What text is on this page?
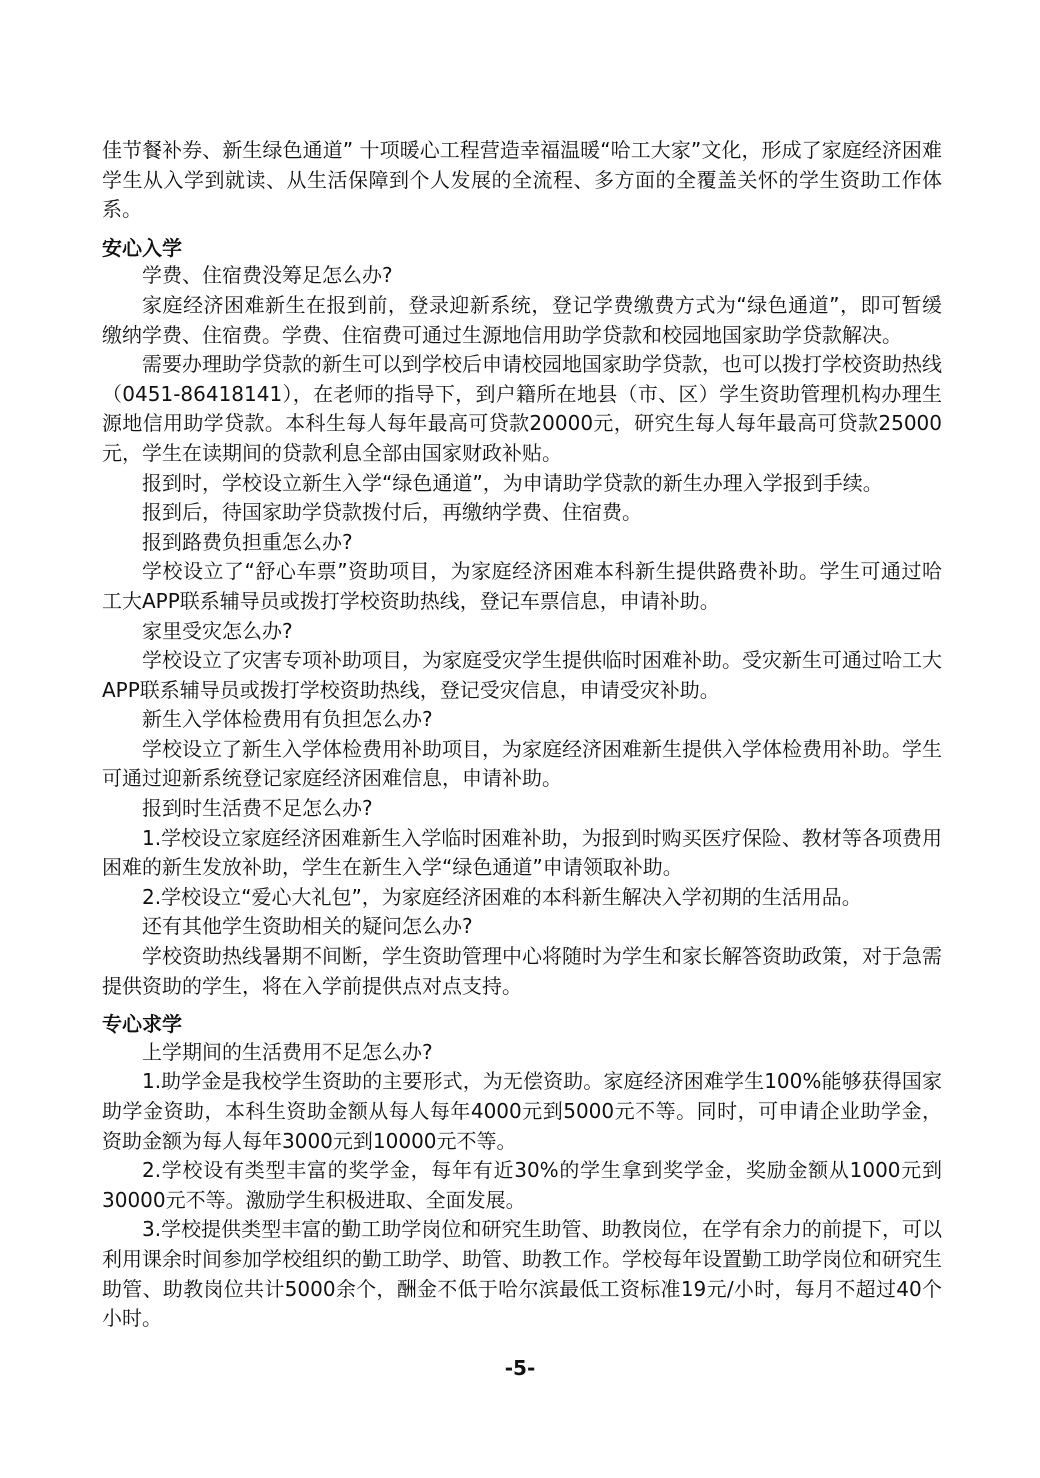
佳节餐补券、新生绿色通道” 十项暖心工程营造幸福温暖“哈工大家”文化，形成了家庭经济困难学生从入学到就读、从生活保障到个人发展的全流程、多方面的全覆盖关怀的学生资助工作体系。

安心入学

学费、住宿费没筹足怎么办?

家庭经济困难新生在报到前，登录迎新系统，登记学费缴费方式为“绿色通道”，即可暂缓缴纳学费、住宿费。学费、住宿费可通过生源地信用助学贷款和校园地国家助学贷款解决。

需要办理助学贷款的新生可以到学校后申请校园地国家助学贷款，也可以拨打学校资助热线（0451-86418141），在老师的指导下，到户籍所在地县（市、区）学生资助管理机构办理生源地信用助学贷款。本科生每人每年最高可贷款20000元，研究生每人每年最高可贷款25000元，学生在读期间的贷款利息全部由国家财政补贴。

报到时，学校设立新生入学“绿色通道”，为申请助学贷款的新生办理入学报到手续。

报到后，待国家助学贷款拨付后，再缴纳学费、住宿费。

报到路费负担重怎么办?

学校设立了“舒心车票”资助项目，为家庭经济困难本科新生提供路费补助。学生可通过哈工大APP联系辅导员或拨打学校资助热线，登记车票信息，申请补助。

家里受灾怎么办?

学校设立了灾害专项补助项目，为家庭受灾学生提供临时困难补助。受灾新生可通过哈工大APP联系辅导员或拨打学校资助热线，登记受灾信息，申请受灾补助。

新生入学体检费用有负担怎么办?

学校设立了新生入学体检费用补助项目，为家庭经济困难新生提供入学体检费用补助。学生可通过迎新系统登记家庭经济困难信息，申请补助。

报到时生活费不足怎么办?

1.学校设立家庭经济困难新生入学临时困难补助，为报到时购买医疗保险、教材等各项费用困难的新生发放补助，学生在新生入学“绿色通道”申请领取补助。

2.学校设立“爱心大礼包”，为家庭经济困难的本科新生解决入学初期的生活用品。

还有其他学生资助相关的疑问怎么办?

学校资助热线暑期不间断，学生资助管理中心将随时为学生和家长解答资助政策，对于急需提供资助的学生，将在入学前提供点对点支持。

专心求学

上学期间的生活费用不足怎么办?

1.助学金是我校学生资助的主要形式，为无偿资助。家庭经济困难学生100%能够获得国家助学金资助，本科生资助金额从每人每年4000元到5000元不等。同时，可申请企业助学金，资助金额为每人每年3000元到10000元不等。

2.学校设有类型丰富的奖学金，每年有近30%的学生拿到奖学金，奖励金额从1000元到30000元不等。激励学生积极进取、全面发展。

3.学校提供类型丰富的勤工助学岗位和研究生助管、助教岗位，在学有余力的前提下，可以利用课余时间参加学校组织的勤工助学、助管、助教工作。学校每年设置勤工助学岗位和研究生助管、助教岗位共计5000余个，酬金不低于哈尔滨最低工资标准19元/小时，每月不超过40个小时。

-5-
